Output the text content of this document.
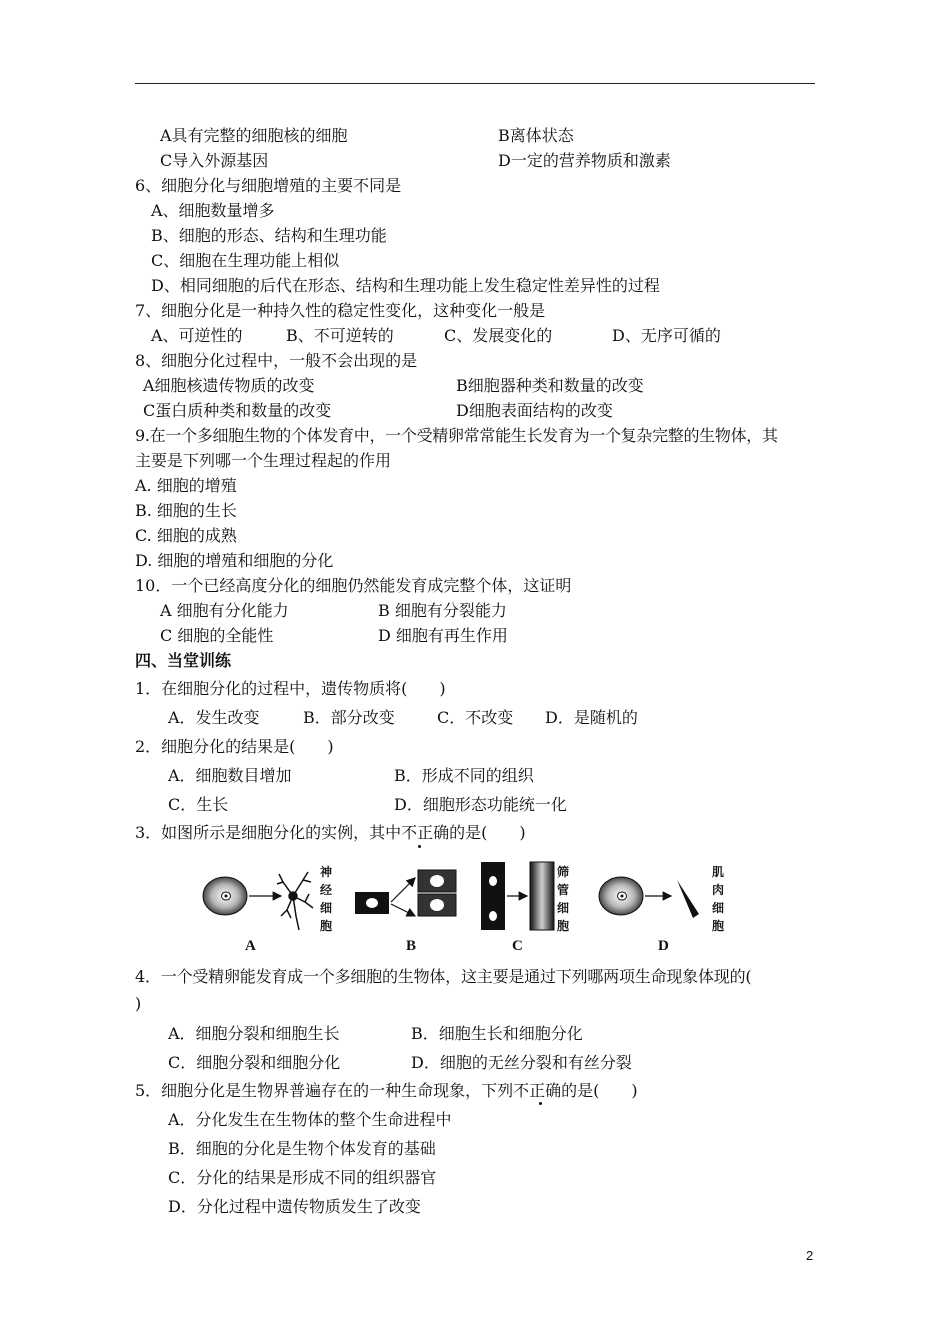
A具有完整的细胞核的细胞	B离体状态
C导入外源基因	D一定的营养物质和激素
6、细胞分化与细胞增殖的主要不同是
A、细胞数量增多
B、细胞的形态、结构和生理功能
C、细胞在生理功能上相似
D、相同细胞的后代在形态、结构和生理功能上发生稳定性差异性的过程
7、细胞分化是一种持久性的稳定性变化，这种变化一般是
A、可逆性的	B、不可逆转的	C、发展变化的	D、无序可循的
8、细胞分化过程中，一般不会出现的是
A细胞核遗传物质的改变	B细胞器种类和数量的改变
C蛋白质种类和数量的改变	D细胞表面结构的改变
9.在一个多细胞生物的个体发育中，一个受精卵常常能生长发育为一个复杂完整的生物体，其
主要是下列哪一个生理过程起的作用
A. 细胞的增殖
B. 细胞的生长
C. 细胞的成熟
D. 细胞的增殖和细胞的分化
10．一个已经高度分化的细胞仍然能发育成完整个体，这证明
A 细胞有分化能力	B 细胞有分裂能力
C 细胞的全能性	D 细胞有再生作用
四、当堂训练
1．在细胞分化的过程中，遗传物质将(　　)
A．发生改变	B．部分改变	C．不改变 D．是随机的
2．细胞分化的结果是(　　)
A．细胞数目增加	B．形成不同的组织
C．生长	D．细胞形态功能统一化
3．如图所示是细胞分化的实例，其中不正确的是(　　)
神
经
细
胞
筛
管
细
胞
肌
肉
细
胞
A	B	C	D
4．一个受精卵能发育成一个多细胞的生物体，这主要是通过下列哪两项生命现象体现的(
)
A．细胞分裂和细胞生长	B．细胞生长和细胞分化
C．细胞分裂和细胞分化	D．细胞的无丝分裂和有丝分裂
5．细胞分化是生物界普遍存在的一种生命现象，下列不正确的是(　　)
A．分化发生在生物体的整个生命进程中
B．细胞的分化是生物个体发育的基础
C．分化的结果是形成不同的组织器官
D．分化过程中遗传物质发生了改变
2
